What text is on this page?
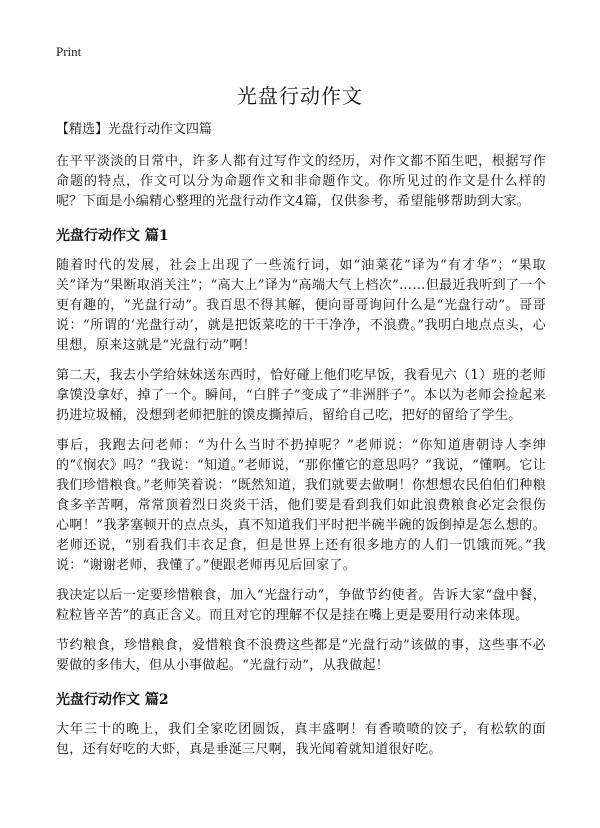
Print
光盘行动作文
【精选】光盘行动作文四篇

在平平淡淡的日常中，许多人都有过写作文的经历，对作文都不陌生吧，根据写作命题的特点，作文可以分为命题作文和非命题作文。你所见过的作文是什么样的呢？下面是小编精心整理的光盘行动作文4篇，仅供参考，希望能够帮助到大家。

光盘行动作文 篇1

随着时代的发展，社会上出现了一些流行词，如“油菜花”译为“有才华”；“果取关”译为“果断取消关注”；“高大上”译为“高端大气上档次”……但最近我听到了一个更有趣的，“光盘行动”。我百思不得其解，便向哥哥询问什么是“光盘行动”。哥哥说：“所谓的‘光盘行动’，就是把饭菜吃的干干净净，不浪费。”我明白地点点头，心里想，原来这就是“光盘行动”啊！

第二天，我去小学给妹妹送东西时，恰好碰上他们吃早饭，我看见六（1）班的老师拿馍没拿好，掉了一个。瞬间，“白胖子”变成了“非洲胖子”。本以为老师会捡起来扔进垃圾桶，没想到老师把脏的馍皮撕掉后，留给自己吃，把好的留给了学生。

事后，我跑去问老师：“为什么当时不扔掉呢？”老师说：“你知道唐朝诗人李绅的“《悯农》吗？”我说：“知道。”老师说，“那你懂它的意思吗？”我说，“懂啊。它让我们珍惜粮食。”老师笑着说：“既然知道，我们就要去做啊！你想想农民伯伯们种粮食多辛苦啊，常常顶着烈日炎炎干活，他们要是看到我们如此浪费粮食必定会很伤心啊！”我茅塞顿开的点点头，真不知道我们平时把半碗半碗的饭倒掉是怎么想的。老师还说，“别看我们丰衣足食，但是世界上还有很多地方的人们一饥饿而死。”我说：“谢谢老师，我懂了。”便跟老师再见后回家了。

我决定以后一定要珍惜粮食，加入“光盘行动”，争做节约使者。告诉大家“盘中餐，粒粒皆辛苦”的真正含义。而且对它的理解不仅是挂在嘴上更是要用行动来体现。

节约粮食，珍惜粮食，爱惜粮食不浪费这些都是“光盘行动”该做的事，这些事不必要做的多伟大，但从小事做起。“光盘行动”，从我做起！

光盘行动作文 篇2

大年三十的晚上，我们全家吃团圆饭，真丰盛啊！有香喷喷的饺子，有松软的面包，还有好吃的大虾，真是垂涎三尺啊，我光闻着就知道很好吃。
